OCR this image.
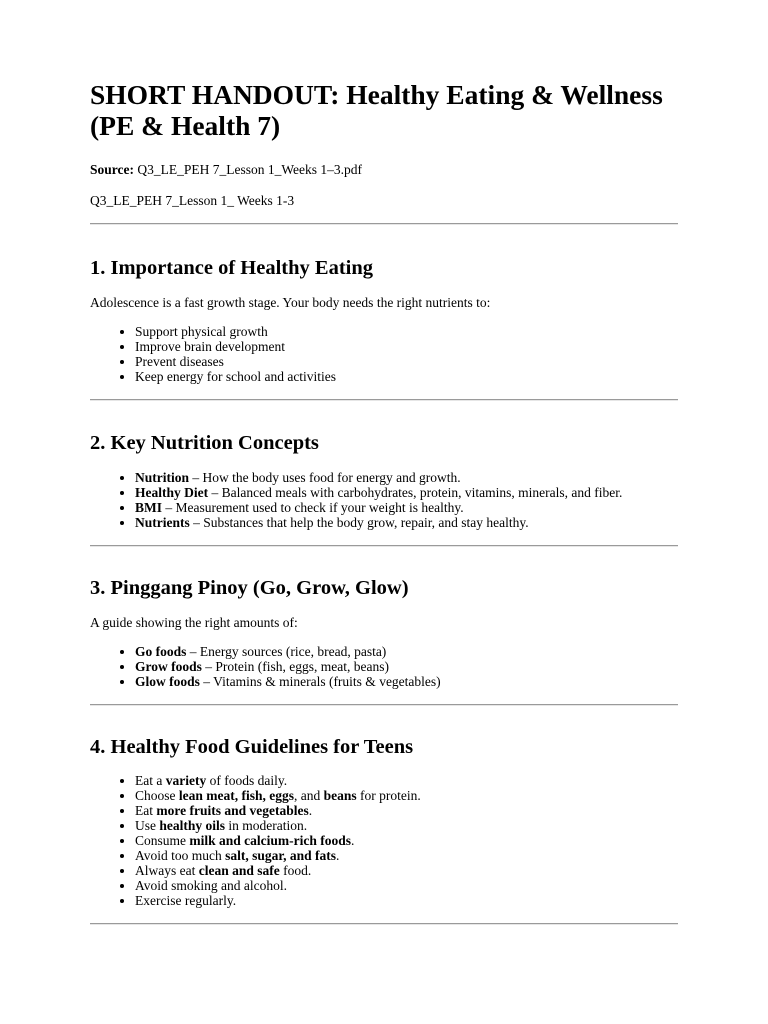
SHORT HANDOUT: Healthy Eating & Wellness (PE & Health 7)

Source: Q3_LE_PEH 7_Lesson 1_Weeks 1–3.pdf

Q3_LE_PEH 7_Lesson 1_ Weeks 1-3

1. Importance of Healthy Eating

Adolescence is a fast growth stage. Your body needs the right nutrients to:

• Support physical growth
• Improve brain development
• Prevent diseases
• Keep energy for school and activities
2. Key Nutrition Concepts
• Nutrition – How the body uses food for energy and growth.
• Healthy Diet – Balanced meals with carbohydrates, protein, vitamins, minerals, and fiber.
• BMI – Measurement used to check if your weight is healthy.
• Nutrients – Substances that help the body grow, repair, and stay healthy.
3. Pinggang Pinoy (Go, Grow, Glow)

A guide showing the right amounts of:

• Go foods – Energy sources (rice, bread, pasta)
• Grow foods – Protein (fish, eggs, meat, beans)
• Glow foods – Vitamins & minerals (fruits & vegetables)
4. Healthy Food Guidelines for Teens
• Eat a variety of foods daily.
• Choose lean meat, fish, eggs, and beans for protein.
• Eat more fruits and vegetables.
• Use healthy oils in moderation.
• Consume milk and calcium-rich foods.
• Avoid too much salt, sugar, and fats.
• Always eat clean and safe food.
• Avoid smoking and alcohol.
• Exercise regularly.
